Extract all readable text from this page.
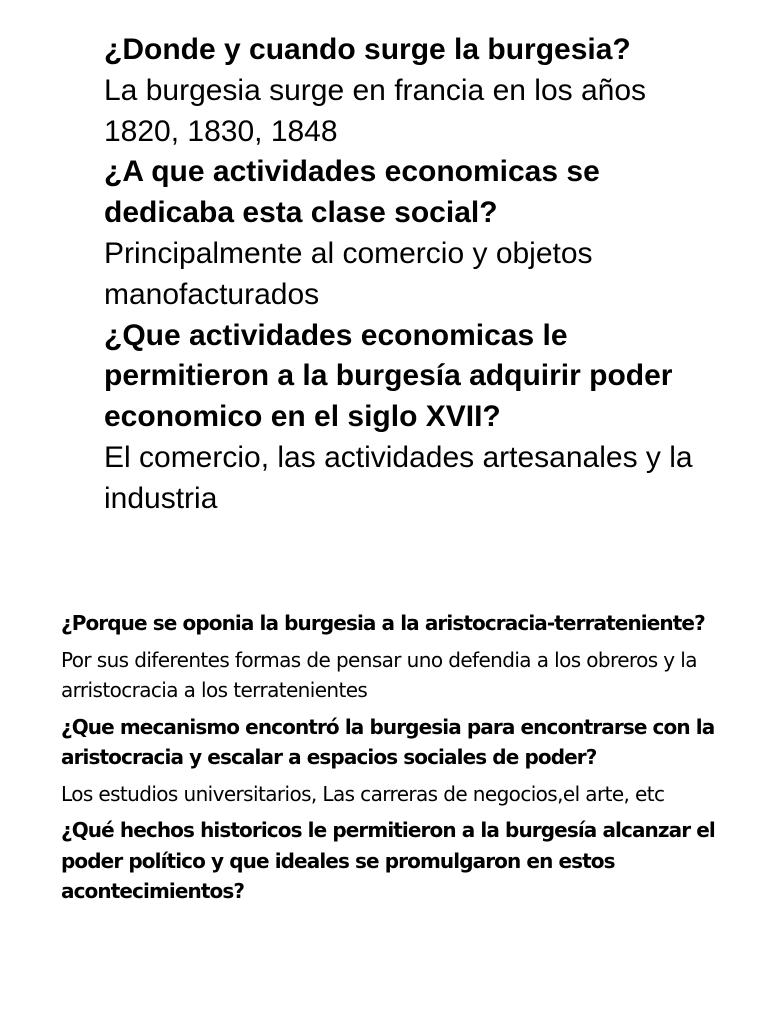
¿Donde y cuando surge la burgesia?

La burgesia surge en francia en los años 1820, 1830, 1848

¿A que actividades economicas se dedicaba esta clase social?

Principalmente al comercio y objetos manofacturados

¿Que actividades economicas le permitieron a la burgesía adquirir poder economico en el siglo XVII?

El comercio, las actividades artesanales y la industria

¿Porque se oponia la burgesia a la aristocracia-terrateniente?

Por sus diferentes formas de pensar uno defendia a los obreros y la arristocracia a los terratenientes

¿Que mecanismo encontró la burgesia para encontrarse con la aristocracia y escalar a espacios sociales de poder?

Los estudios universitarios, Las carreras de negocios,el arte, etc

¿Qué hechos historicos le permitieron a la burgesía alcanzar el poder político y que ideales se promulgaron en estos acontecimientos?
